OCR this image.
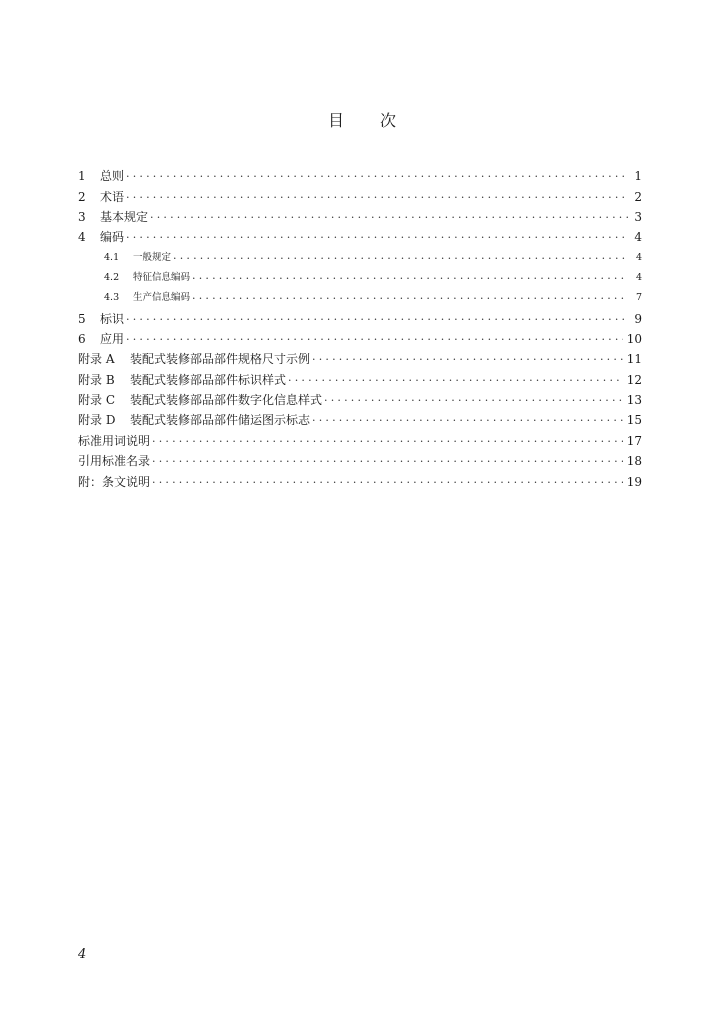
目 次
1	总则 .....	1
2	术语 .....	2
3	基本规定 .....	3
4	编码 .....	4
4.1	一般规定 .....	4
4.2	特征信息编码 .....	4
4.3	生产信息编码 .....	7
5	标识 .....	9
6	应用 .....	10
附录 A	装配式装修部品部件规格尺寸示例 .....	11
附录 B	装配式装修部品部件标识样式 .....	12
附录 C	装配式装修部品部件数字化信息样式 .....	13
附录 D	装配式装修部品部件储运图示标志 .....	15
标准用词说明 .....	17
引用标准名录 .....	18
附：条文说明 .....	19
4
